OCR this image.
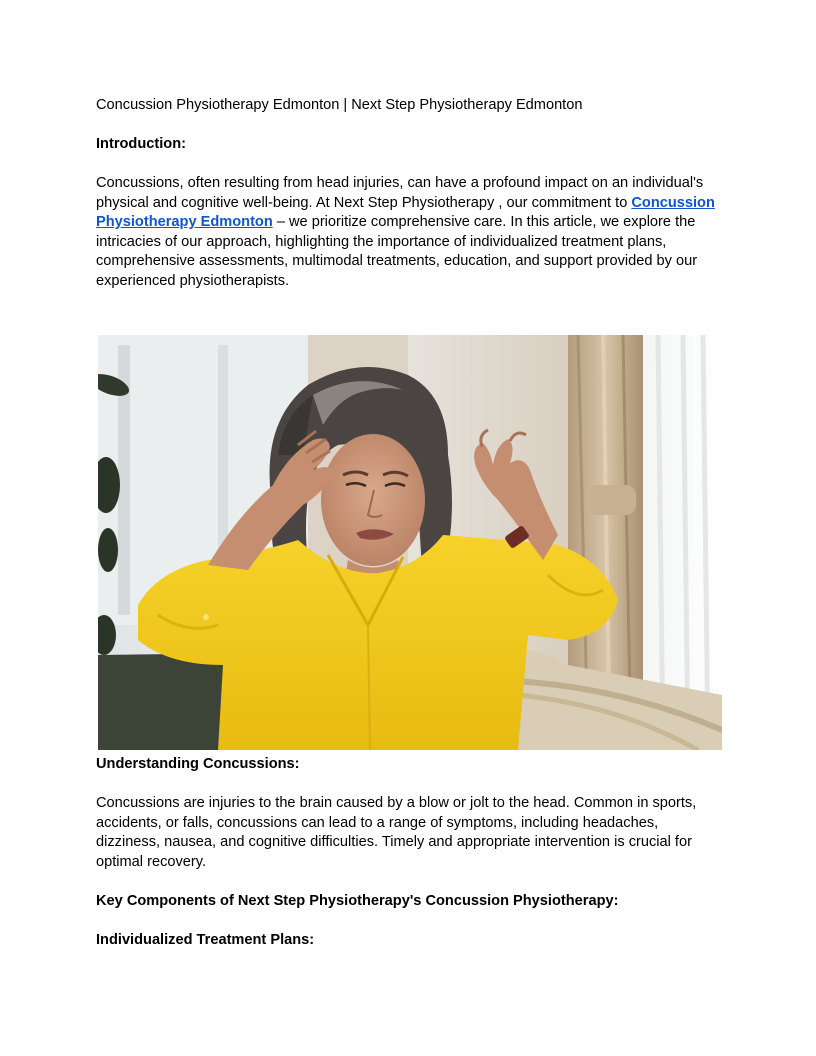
Concussion Physiotherapy Edmonton | Next Step Physiotherapy Edmonton

Introduction:

Concussions, often resulting from head injuries, can have a profound impact on an individual's physical and cognitive well-being. At Next Step Physiotherapy , our commitment to Concussion Physiotherapy Edmonton – we prioritize comprehensive care. In this article, we explore the intricacies of our approach, highlighting the importance of individualized treatment plans, comprehensive assessments, multimodal treatments, education, and support provided by our experienced physiotherapists.

Understanding Concussions:

Concussions are injuries to the brain caused by a blow or jolt to the head. Common in sports, accidents, or falls, concussions can lead to a range of symptoms, including headaches, dizziness, nausea, and cognitive difficulties. Timely and appropriate intervention is crucial for optimal recovery.

Key Components of Next Step Physiotherapy's Concussion Physiotherapy:

Individualized Treatment Plans:
